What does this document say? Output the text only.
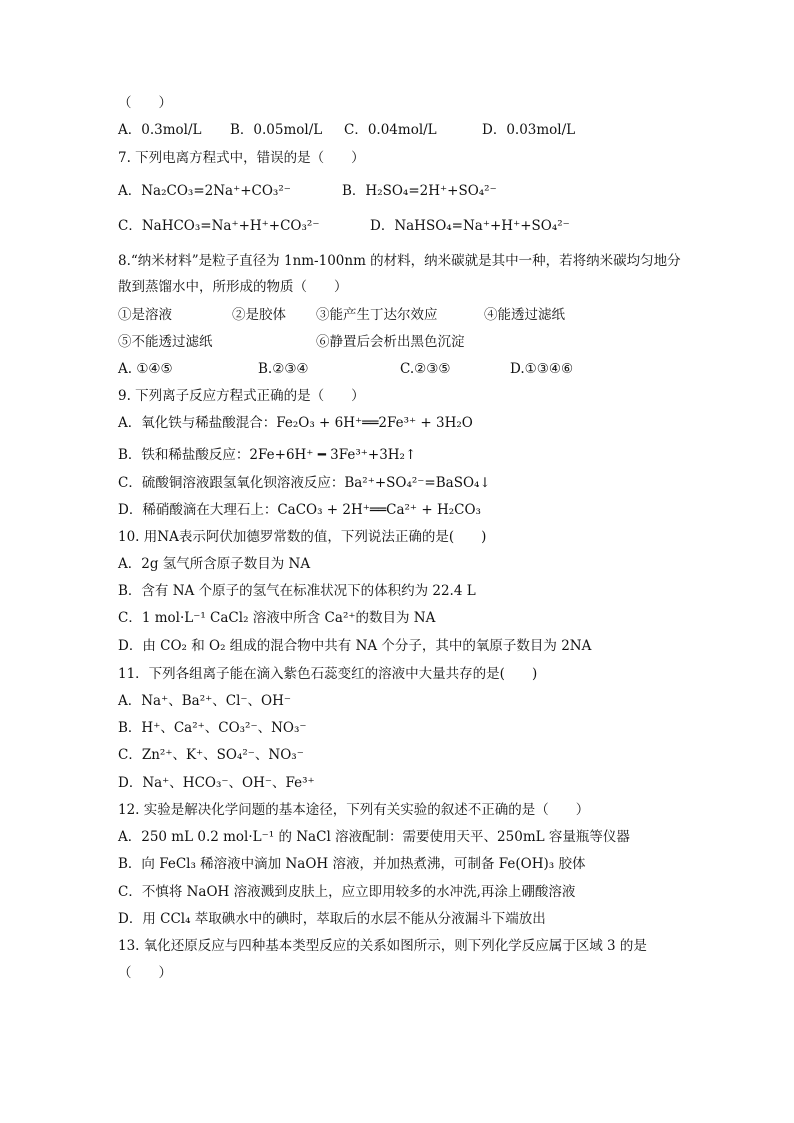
（　　）
A．0.3mol/L B．0.05mol/L C．0.04mol/L	D．0.03mol/L
7. 下列电离方程式中，错误的是（　　）
A．Na₂CO₃=2Na⁺+CO₃²⁻	B．H₂SO₄=2H⁺+SO₄²⁻
C．NaHCO₃=Na⁺+H⁺+CO₃²⁻	D．NaHSO₄=Na⁺+H⁺+SO₄²⁻
8.“纳米材料”是粒子直径为 1nm-100nm 的材料，纳米碳就是其中一种，若将纳米碳均匀地分
散到蒸馏水中，所形成的物质（　　）
①是溶液	②是胶体 ③能产生丁达尔效应	④能透过滤纸
⑤不能透过滤纸	⑥静置后会析出黑色沉淀
A. ①④⑤	B.②③④	C.②③⑤	D.①③④⑥
9. 下列离子反应方程式正确的是（　　）
A．氧化铁与稀盐酸混合：Fe₂O₃ + 6H⁺══2Fe³⁺ + 3H₂O
B．铁和稀盐酸反应：2Fe+6H⁺ ━ 3Fe³⁺+3H₂↑
C．硫酸铜溶液跟氢氧化钡溶液反应：Ba²⁺+SO₄²⁻=BaSO₄↓
D．稀硝酸滴在大理石上：CaCO₃ + 2H⁺══Ca²⁺ + H₂CO₃
10. 用NA表示阿伏加德罗常数的值，下列说法正确的是(　　)
A．2g 氢气所含原子数目为 NA
B．含有 NA 个原子的氢气在标准状况下的体积约为 22.4 L
C．1 mol·L⁻¹ CaCl₂ 溶液中所含 Ca²⁺的数目为 NA
D．由 CO₂ 和 O₂ 组成的混合物中共有 NA 个分子，其中的氧原子数目为 2NA
11．下列各组离子能在滴入紫色石蕊变红的溶液中大量共存的是(　　)
A．Na⁺、Ba²⁺、Cl⁻、OH⁻
B．H⁺、Ca²⁺、CO₃²⁻、NO₃⁻
C．Zn²⁺、K⁺、SO₄²⁻、NO₃⁻
D．Na⁺、HCO₃⁻、OH⁻、Fe³⁺
12. 实验是解决化学问题的基本途径，下列有关实验的叙述不正确的是（　　）
A．250 mL 0.2 mol·L⁻¹ 的 NaCl 溶液配制：需要使用天平、250mL 容量瓶等仪器
B．向 FeCl₃ 稀溶液中滴加 NaOH 溶液，并加热煮沸，可制备 Fe(OH)₃ 胶体
C．不慎将 NaOH 溶液溅到皮肤上，应立即用较多的水冲洗,再涂上硼酸溶液
D．用 CCl₄ 萃取碘水中的碘时，萃取后的水层不能从分液漏斗下端放出
13. 氧化还原反应与四种基本类型反应的关系如图所示，则下列化学反应属于区域 3 的是
（　　）
